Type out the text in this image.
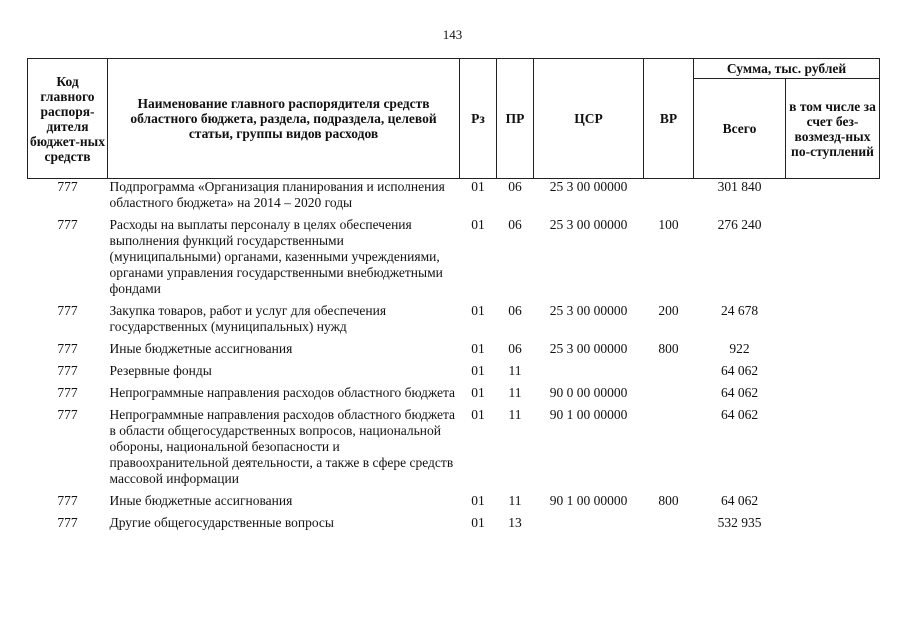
143
Код главного распоря-дителя бюджет-ных средств	Наименование главного распорядителя средств областного бюджета, раздела, подраздела, целевой статьи, группы видов расходов	Рз	ПР	ЦСР	ВР	Сумма, тыс. рублей	
						Всего	в том числе за счет без-возмезд-ных по-ступлений
777	Подпрограмма «Организация планирования и исполнения областного бюджета» на 2014 – 2020 годы	01	06	25 3 00 00000		301 840	
777	Расходы на выплаты персоналу в целях обеспечения выполнения функций государственными (муниципальными) органами, казенными учреждениями, органами управления государственными внебюджетными фондами	01	06	25 3 00 00000	100	276 240	
777	Закупка товаров, работ и услуг для обеспечения государственных (муниципальных) нужд	01	06	25 3 00 00000	200	24 678	
777	Иные бюджетные ассигнования	01	06	25 3 00 00000	800	922	
777	Резервные фонды	01	11			64 062	
777	Непрограммные направления расходов областного бюджета	01	11	90 0 00 00000		64 062	
777	Непрограммные направления расходов областного бюджета в области общегосударственных вопросов, национальной обороны, национальной безопасности и правоохранительной деятельности, а также в сфере средств массовой информации	01	11	90 1 00 00000		64 062	
777	Иные бюджетные ассигнования	01	11	90 1 00 00000	800	64 062	
777	Другие общегосударственные вопросы	01	13			532 935	
